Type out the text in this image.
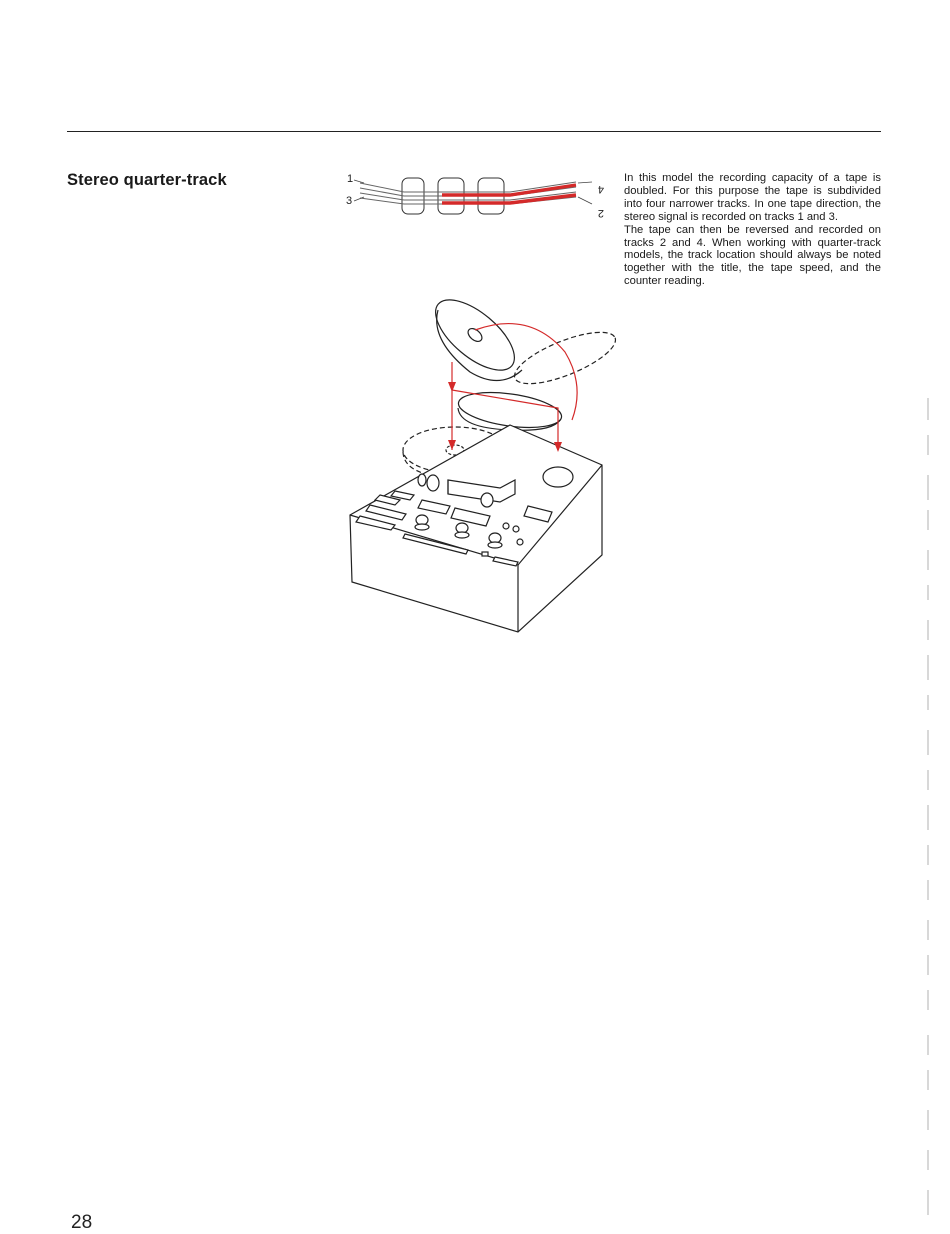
Stereo quarter-track	1
3
4
2

In this model the recording capacity of a tape is doubled. For this purpose the tape is subdivided into four narrower tracks. In one tape direction, the stereo signal is recorded on tracks 1 and 3.

The tape can then be reversed and recorded on tracks 2 and 4. When working with quarter-track models, the track location should always be noted together with the title, the tape speed, and the counter reading.

28
